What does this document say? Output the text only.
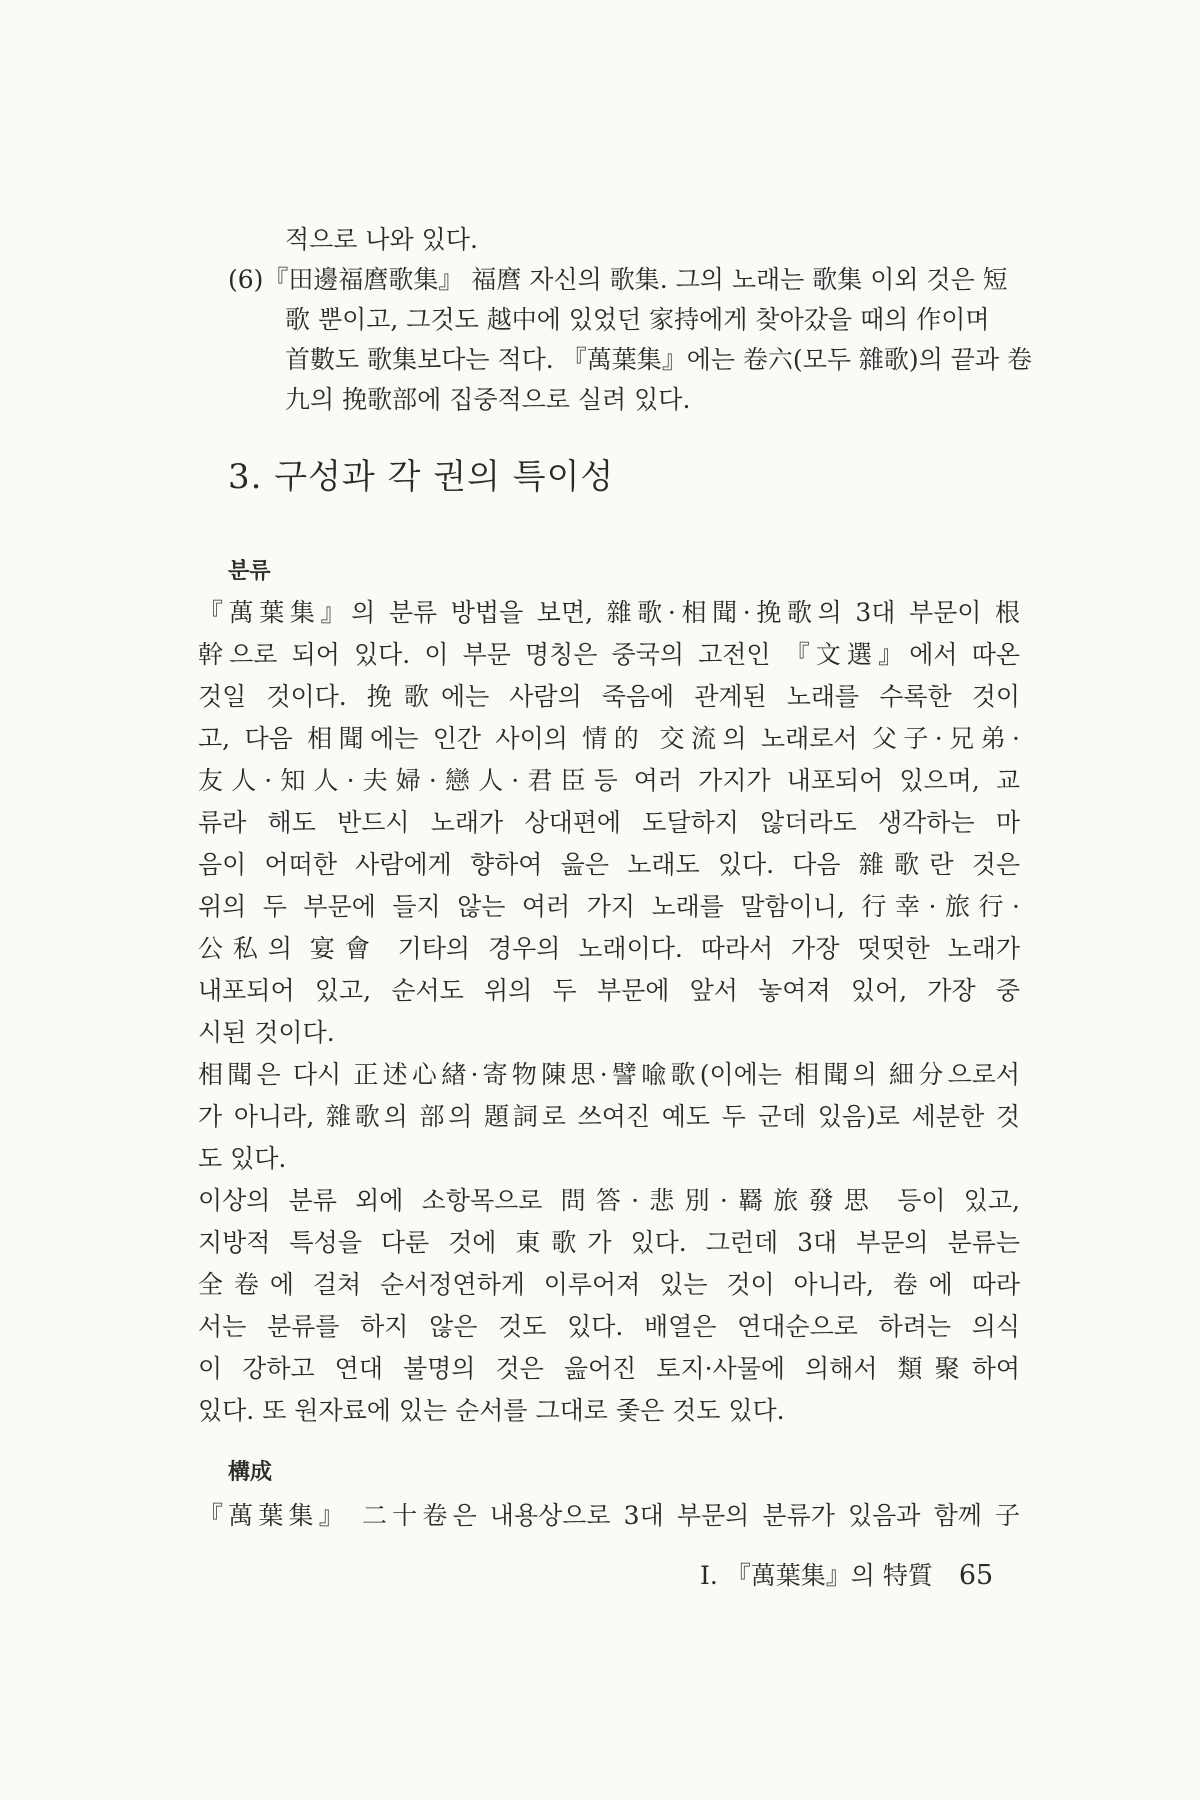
적으로 나와 있다.
(6)『田邊福麿歌集』 福麿 자신의 歌集. 그의 노래는 歌集 이외 것은 短
歌 뿐이고, 그것도 越中에 있었던 家持에게 찾아갔을 때의 作이며
首數도 歌集보다는 적다. 『萬葉集』에는 卷六(모두 雜歌)의 끝과 卷
九의 挽歌部에 집중적으로 실려 있다.
3. 구성과 각 권의 특이성
분류
『萬葉集』의 분류 방법을 보면, 雜歌·相聞·挽歌의 3대 부문이 根
幹으로 되어 있다. 이 부문 명칭은 중국의 고전인 『文選』에서 따온
것일 것이다. 挽歌에는 사람의 죽음에 관계된 노래를 수록한 것이
고, 다음 相聞에는 인간 사이의 情的 交流의 노래로서 父子·兄弟·
友人·知人·夫婦·戀人·君臣등 여러 가지가 내포되어 있으며, 교
류라 해도 반드시 노래가 상대편에 도달하지 않더라도 생각하는 마
음이 어떠한 사람에게 향하여 읊은 노래도 있다. 다음 雜歌란 것은
위의 두 부문에 들지 않는 여러 가지 노래를 말함이니, 行幸·旅行·
公私의 宴會 기타의 경우의 노래이다. 따라서 가장 떳떳한 노래가
내포되어 있고, 순서도 위의 두 부문에 앞서 놓여져 있어, 가장 중
시된 것이다.
相聞은 다시 正述心緖·寄物陳思·譬喩歌(이에는 相聞의 細分으로서
가 아니라, 雜歌의 部의 題詞로 쓰여진 예도 두 군데 있음)로 세분한 것
도 있다.
이상의 분류 외에 소항목으로 問答·悲別·羇旅發思 등이 있고,
지방적 특성을 다룬 것에 東歌가 있다. 그런데 3대 부문의 분류는
全卷에 걸쳐 순서정연하게 이루어져 있는 것이 아니라, 卷에 따라
서는 분류를 하지 않은 것도 있다. 배열은 연대순으로 하려는 의식
이 강하고 연대 불명의 것은 읊어진 토지·사물에 의해서 類聚하여
있다. 또 원자료에 있는 순서를 그대로 좇은 것도 있다.
構成
『萬葉集』 二十卷은 내용상으로 3대 부문의 분류가 있음과 함께 子
I. 『萬葉集』의 特質 65
